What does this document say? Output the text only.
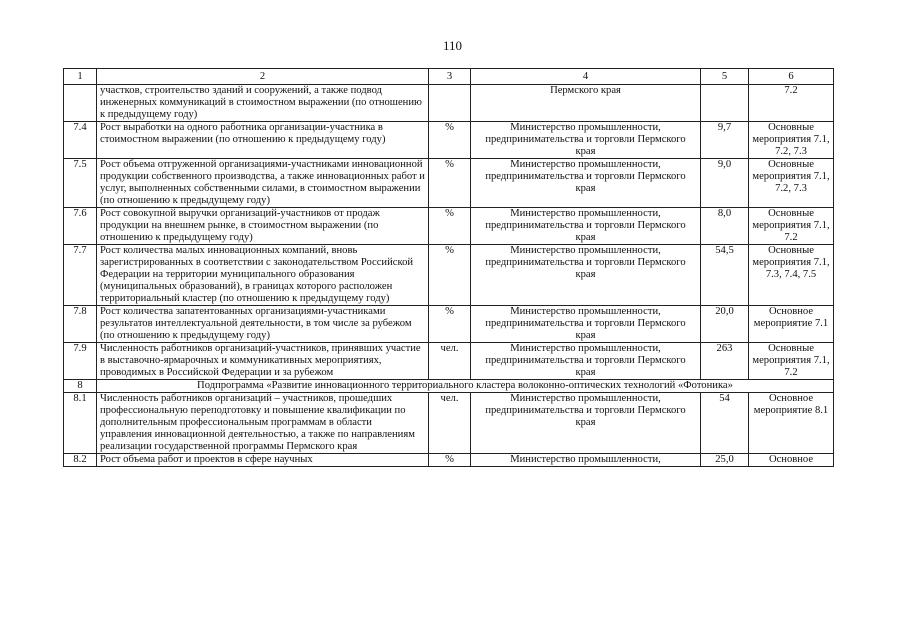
110
1	2	3	4	5	6
	участков, строительство зданий и сооружений, а также подвод инженерных коммуникаций в стоимостном выражении (по отношению к предыдущему году)		Пермского края		7.2
7.4	Рост выработки на одного работника организации-участника в стоимостном выражении (по отношению к предыдущему году)	%	Министерство промышленности, предпринимательства и торговли Пермского края	9,7	Основные мероприятия 7.1, 7.2, 7.3
7.5	Рост объема отгруженной организациями-участниками инновационной продукции собственного производства, а также инновационных работ и услуг, выполненных собственными силами, в стоимостном выражении (по отношению к предыдущему году)	%	Министерство промышленности, предпринимательства и торговли Пермского края	9,0	Основные мероприятия 7.1, 7.2, 7.3
7.6	Рост совокупной выручки организаций-участников от продаж продукции на внешнем рынке, в стоимостном выражении (по отношению к предыдущему году)	%	Министерство промышленности, предпринимательства и торговли Пермского края	8,0	Основные мероприятия 7.1, 7.2
7.7	Рост количества малых инновационных компаний, вновь зарегистрированных в соответствии с законодательством Российской Федерации на территории муниципального образования (муниципальных образований), в границах которого расположен территориальный кластер (по отношению к предыдущему году)	%	Министерство промышленности, предпринимательства и торговли Пермского края	54,5	Основные мероприятия 7.1, 7.3, 7.4, 7.5
7.8	Рост количества запатентованных организациями-участниками результатов интеллектуальной деятельности, в том числе за рубежом (по отношению к предыдущему году)	%	Министерство промышленности, предпринимательства и торговли Пермского края	20,0	Основное мероприятие 7.1
7.9	Численность работников организаций-участников, принявших участие в выставочно-ярмарочных и коммуникативных мероприятиях, проводимых в Российской Федерации и за рубежом	чел.	Министерство промышленности, предпринимательства и торговли Пермского края	263	Основные мероприятия 7.1, 7.2
8	Подпрограмма «Развитие инновационного территориального кластера волоконно-оптических технологий «Фотоника»				
8.1	Численность работников организаций – участников, прошедших профессиональную переподготовку и повышение квалификации по дополнительным профессиональным программам в области управления инновационной деятельностью, а также по направлениям реализации государственной программы Пермского края	чел.	Министерство промышленности, предпринимательства и торговли Пермского края	54	Основное мероприятие 8.1
8.2	Рост объема работ и проектов в сфере научных	%	Министерство промышленности,	25,0	Основное
